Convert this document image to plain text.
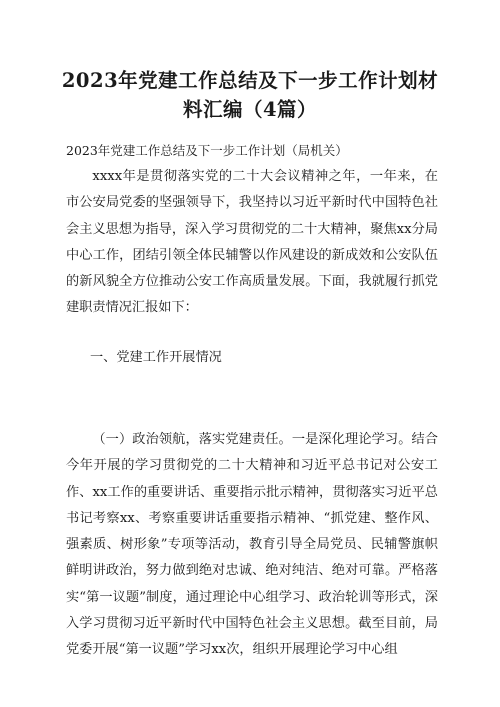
2023年党建工作总结及下一步工作计划材料汇编（4篇）
2023年党建工作总结及下一步工作计划（局机关）

xxxx年是贯彻落实党的二十大会议精神之年，一年来，在市公安局党委的坚强领导下，我坚持以习近平新时代中国特色社会主义思想为指导，深入学习贯彻党的二十大精神，聚焦xx分局中心工作，团结引领全体民辅警以作风建设的新成效和公安队伍的新风貌全方位推动公安工作高质量发展。下面，我就履行抓党建职责情况汇报如下：

一、党建工作开展情况

（一）政治领航，落实党建责任。一是深化理论学习。结合今年开展的学习贯彻党的二十大精神和习近平总书记对公安工作、xx工作的重要讲话、重要指示批示精神，贯彻落实习近平总书记考察xx、考察重要讲话重要指示精神、“抓党建、整作风、强素质、树形象”专项等活动，教育引导全局党员、民辅警旗帜鲜明讲政治，努力做到绝对忠诚、绝对纯洁、绝对可靠。严格落实“第一议题”制度，通过理论中心组学习、政治轮训等形式，深入学习贯彻习近平新时代中国特色社会主义思想。截至目前，局党委开展“第一议题”学习xx次，组织开展理论学习中心组
